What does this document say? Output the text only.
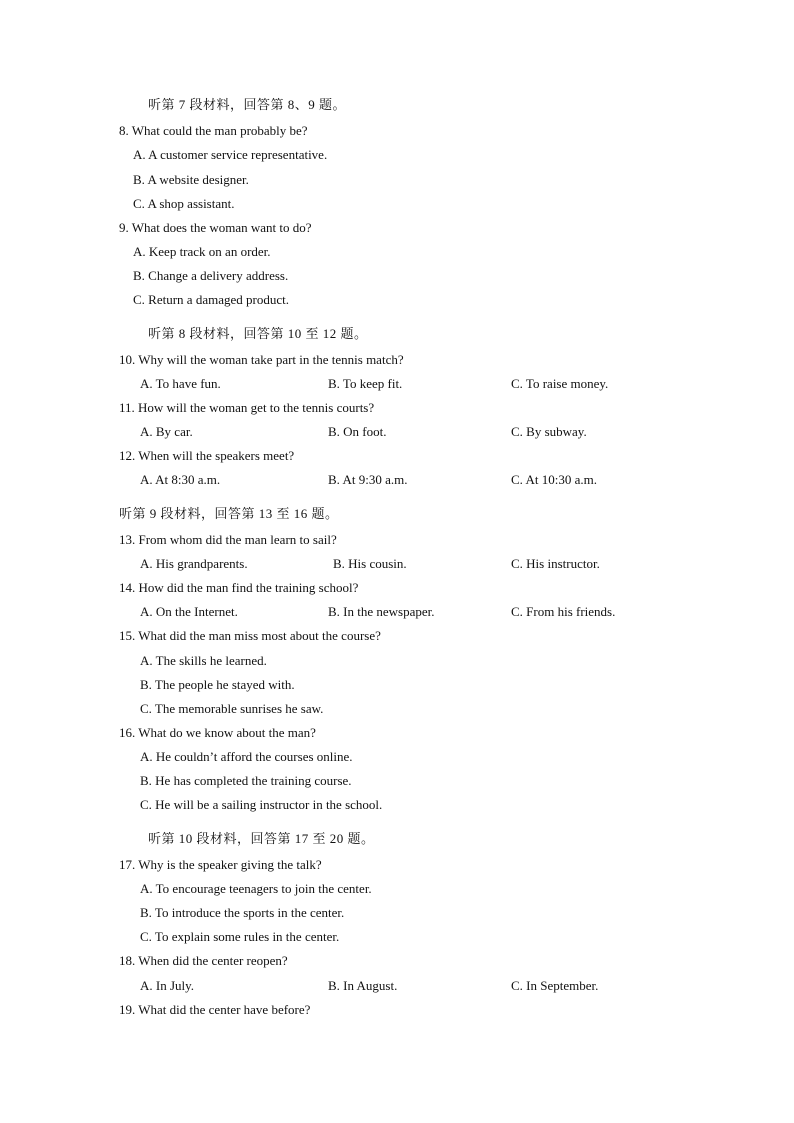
听第 7 段材料，回答第 8、9 题。
8. What could the man probably be?
A. A customer service representative.
B. A website designer.
C. A shop assistant.
9. What does the woman want to do?
A. Keep track on an order.
B. Change a delivery address.
C. Return a damaged product.
听第 8 段材料，回答第 10 至 12 题。
10. Why will the woman take part in the tennis match?
A. To have fun.	B. To keep fit.	C. To raise money.
11. How will the woman get to the tennis courts?
A. By car.	B. On foot.	C. By subway.
12. When will the speakers meet?
A. At 8:30 a.m.	B. At 9:30 a.m.	C. At 10:30 a.m.
听第 9 段材料，回答第 13 至 16 题。
13. From whom did the man learn to sail?
A. His grandparents.	B. His cousin.	C. His instructor.
14. How did the man find the training school?
A. On the Internet.	B. In the newspaper.	C. From his friends.
15. What did the man miss most about the course?
A. The skills he learned.
B. The people he stayed with.
C. The memorable sunrises he saw.
16. What do we know about the man?
A. He couldn’t afford the courses online.
B. He has completed the training course.
C. He will be a sailing instructor in the school.
听第 10 段材料，回答第 17 至 20 题。
17. Why is the speaker giving the talk?
A. To encourage teenagers to join the center.
B. To introduce the sports in the center.
C. To explain some rules in the center.
18. When did the center reopen?
A. In July.	B. In August.	C. In September.
19. What did the center have before?
